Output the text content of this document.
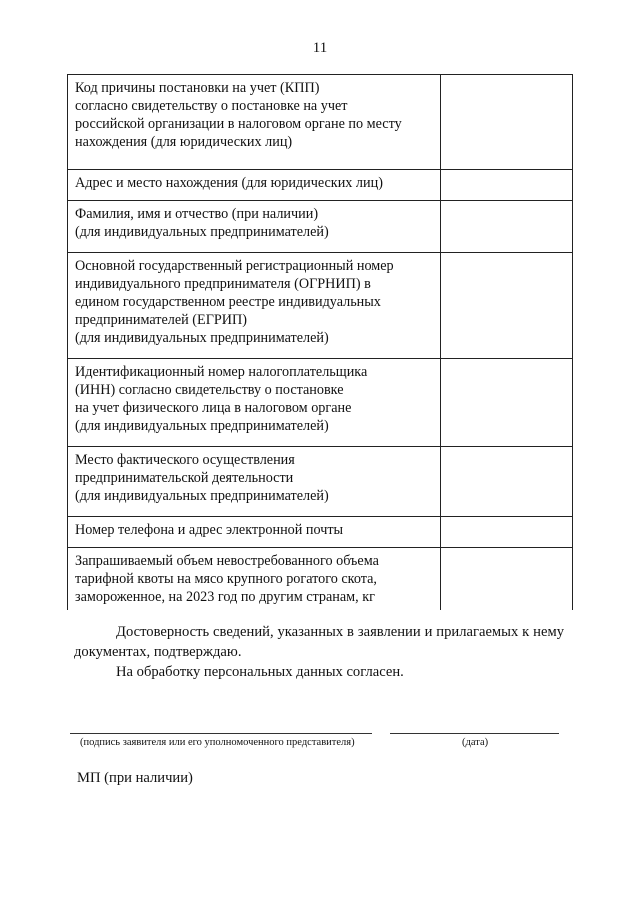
11
Код причины постановки на учет (КПП)
согласно свидетельству о постановке на учет
российской организации в налоговом органе по месту
нахождения (для юридических лиц)	

Адрес и место нахождения (для юридических лиц)	

Фамилия, имя и отчество (при наличии)
(для индивидуальных предпринимателей)	

Основной государственный регистрационный номер
индивидуального предпринимателя (ОГРНИП) в
едином государственном реестре индивидуальных
предпринимателей (ЕГРИП)
(для индивидуальных предпринимателей)	

Идентификационный номер налогоплательщика
(ИНН) согласно свидетельству о постановке
на учет физического лица в налоговом органе
(для индивидуальных предпринимателей)	

Место фактического осуществления
предпринимательской деятельности
(для индивидуальных предпринимателей)	

Номер телефона и адрес электронной почты	

Запрашиваемый объем невостребованного объема
тарифной квоты на мясо крупного рогатого скота,
замороженное, на 2023 год по другим странам, кг	

Достоверность сведений, указанных в заявлении и прилагаемых к нему документах, подтверждаю.
На обработку персональных данных согласен.
(подпись заявителя или его уполномоченного представителя)	(дата)
МП (при наличии)
